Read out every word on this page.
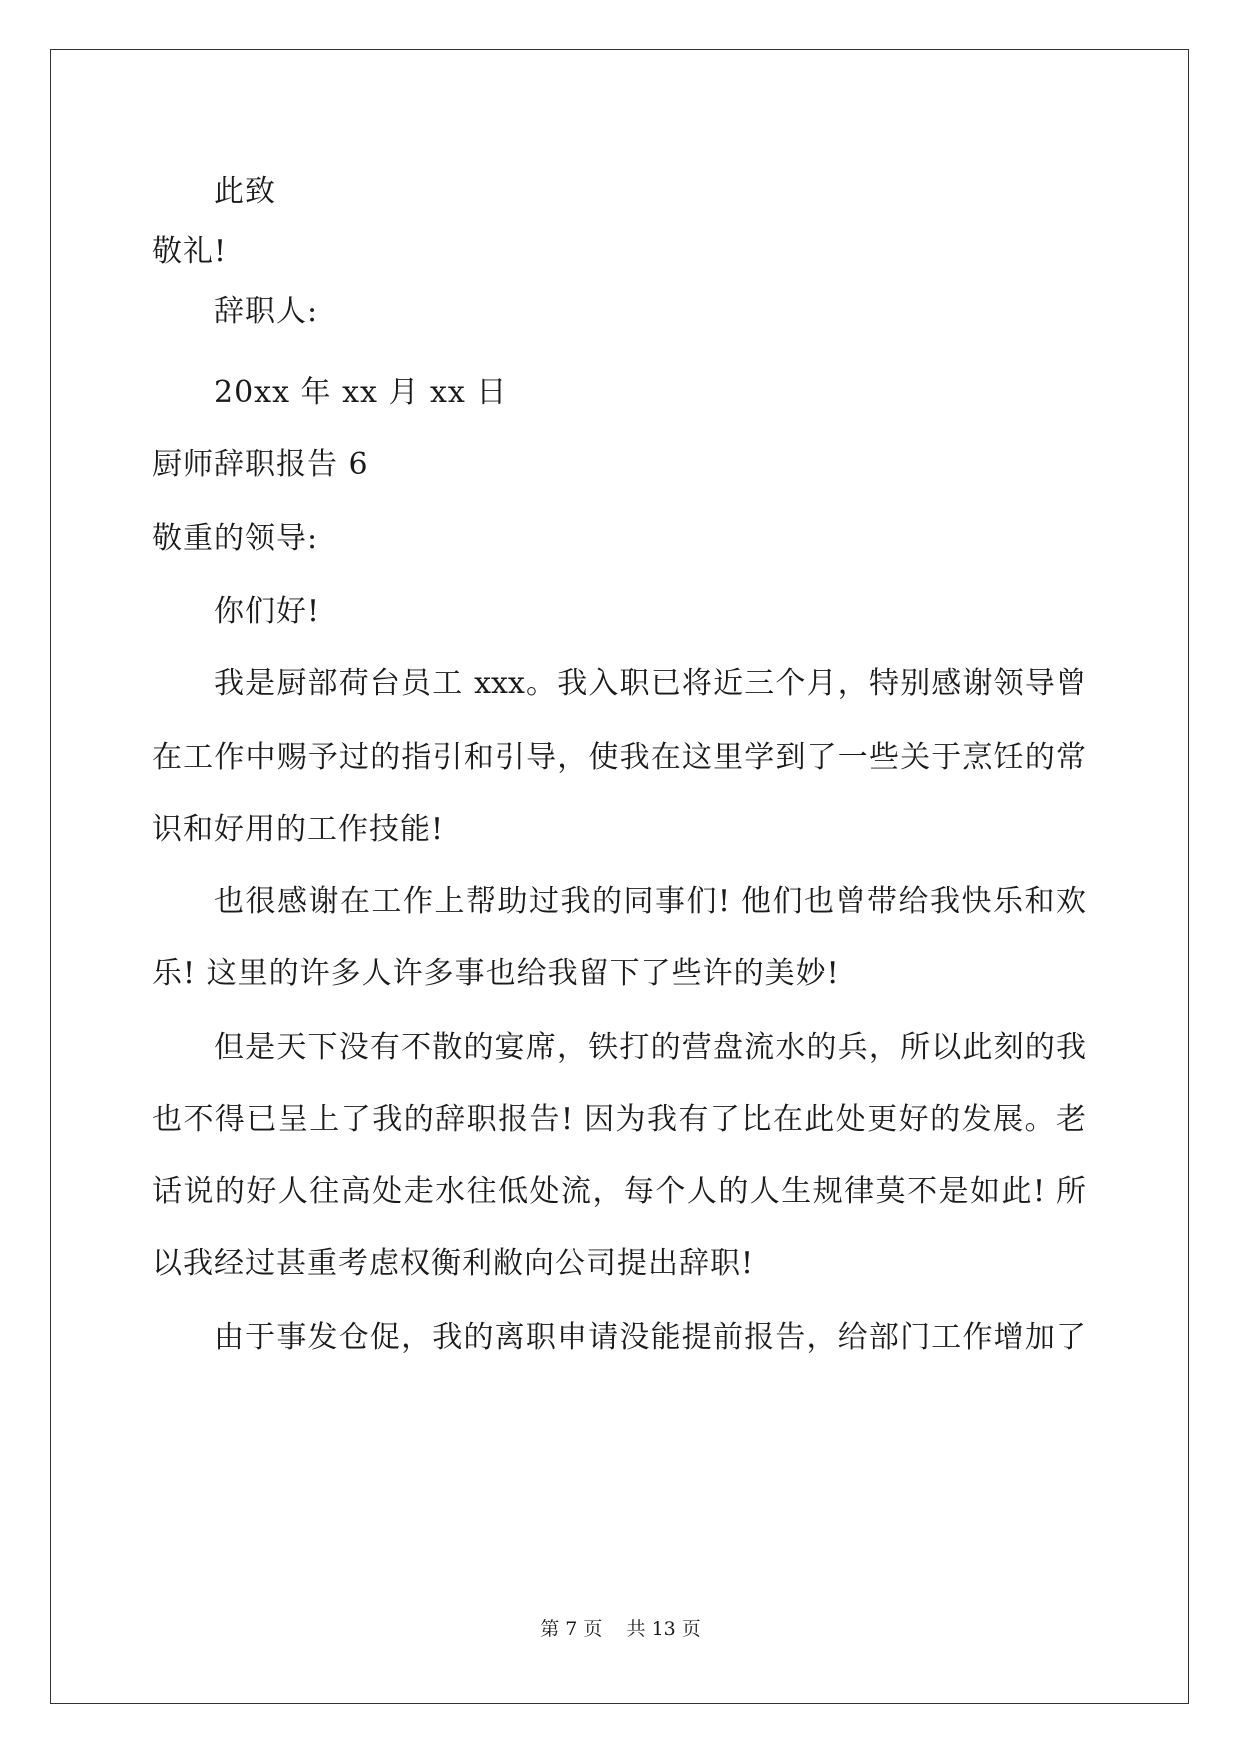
此致
敬礼!
辞职人:
20xx 年 xx 月 xx 日
厨师辞职报告 6
敬重的领导:
你们好!
我是厨部荷台员工 xxx。我入职已将近三个月，特别感谢领导曾
在工作中赐予过的指引和引导，使我在这里学到了一些关于烹饪的常
识和好用的工作技能!
也很感谢在工作上帮助过我的同事们! 他们也曾带给我快乐和欢
乐! 这里的许多人许多事也给我留下了些许的美妙!
但是天下没有不散的宴席，铁打的营盘流水的兵，所以此刻的我
也不得已呈上了我的辞职报告! 因为我有了比在此处更好的发展。老
话说的好人往高处走水往低处流，每个人的人生规律莫不是如此! 所
以我经过甚重考虑权衡利敝向公司提出辞职!
由于事发仓促，我的离职申请没能提前报告，给部门工作增加了
第 7 页    共 13 页
